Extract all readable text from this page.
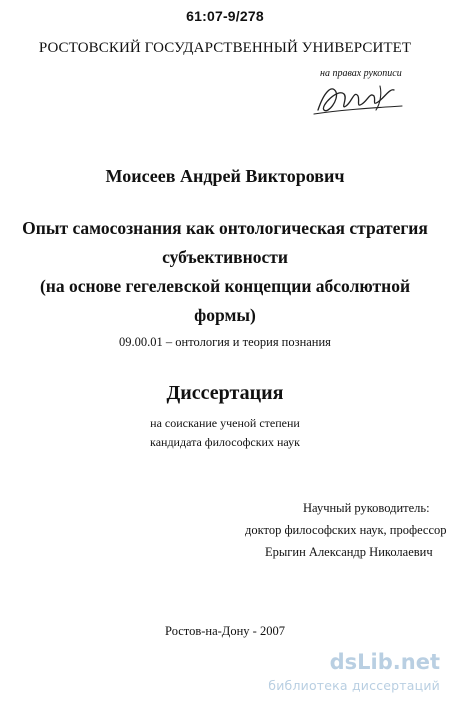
61:07-9/278
РОСТОВСКИЙ ГОСУДАРСТВЕННЫЙ УНИВЕРСИТЕТ
на правах рукописи
Моисеев Андрей Викторович
Опыт самосознания как онтологическая стратегия
субъективности
(на основе гегелевской концепции абсолютной
формы)
09.00.01 – онтология и теория познания
Диссертация
на соискание ученой степени
кандидата философских наук
Научный руководитель:
доктор философских наук, профессор
Ерыгин Александр Николаевич
Ростов-на-Дону - 2007
dsLib.net
библиотека диссертаций
